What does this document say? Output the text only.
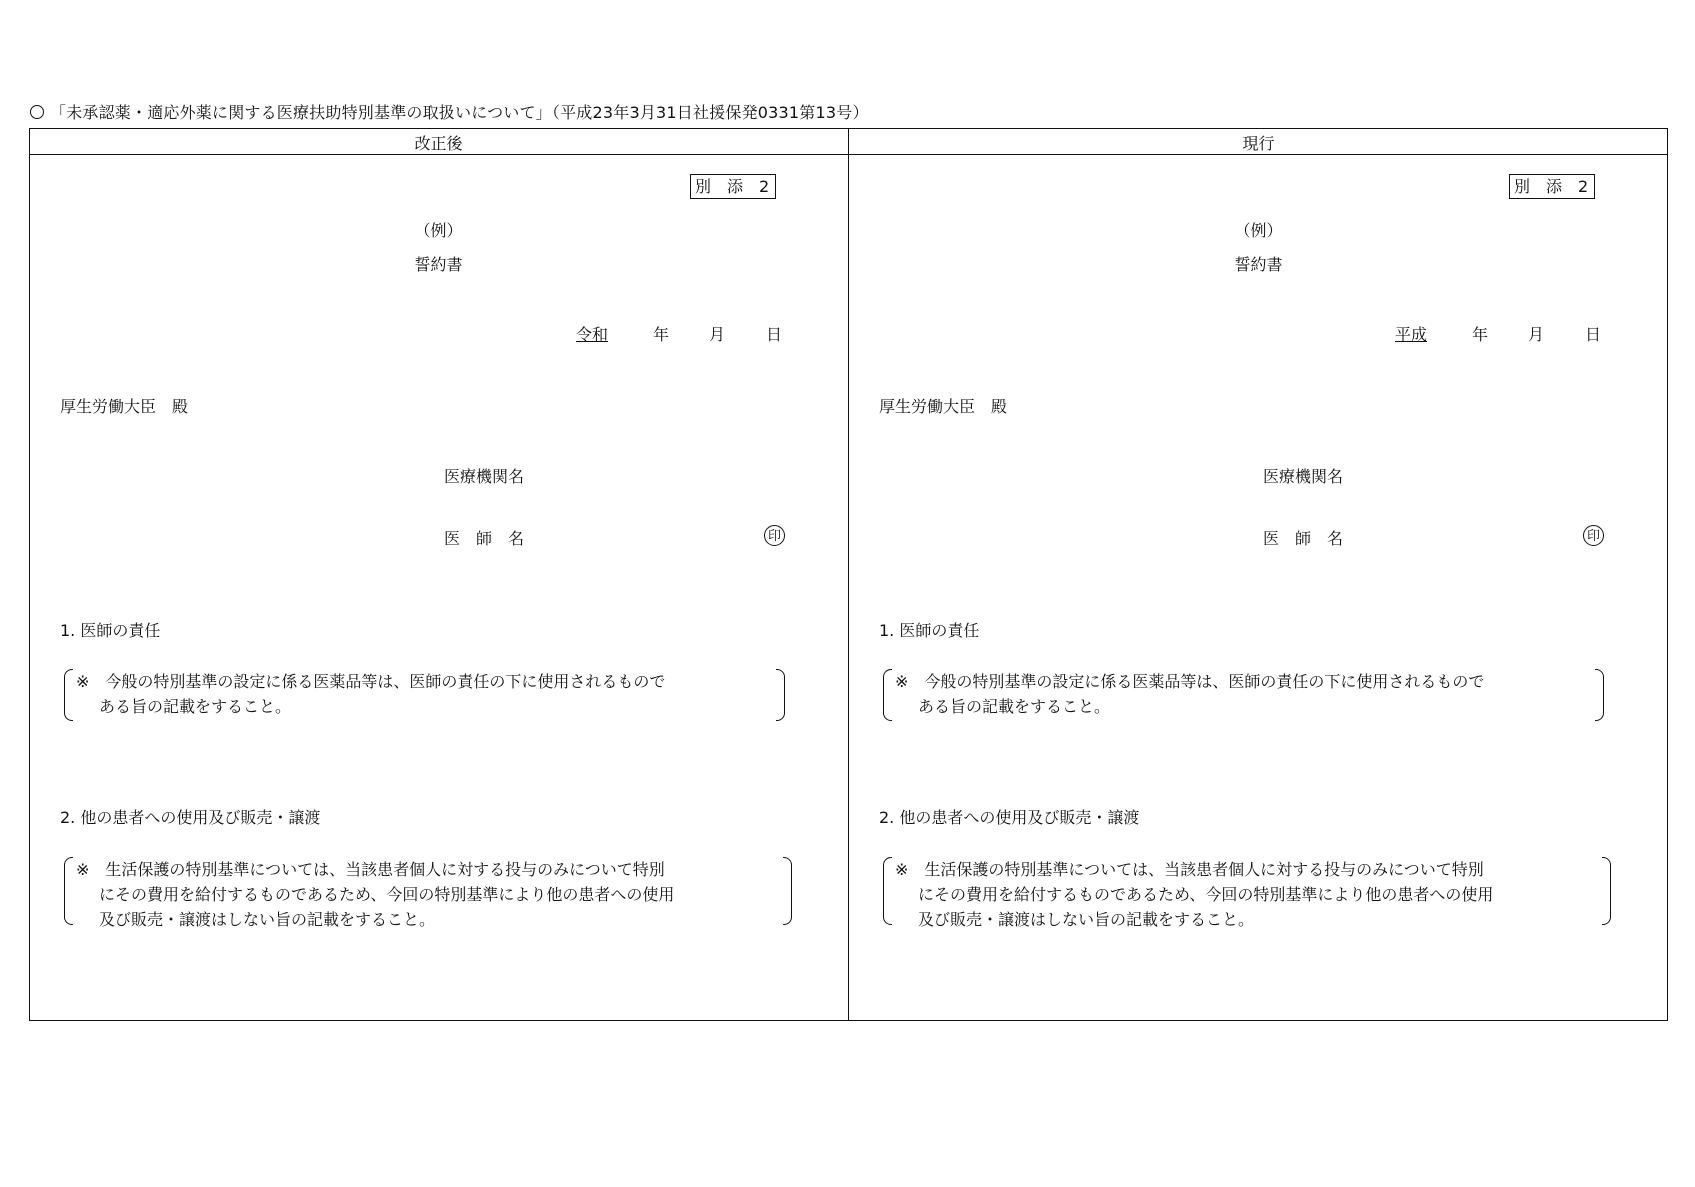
「未承認薬・適応外薬に関する医療扶助特別基準の取扱いについて」（平成23年3月31日社援保発0331第13号）
改正後	現行
別　添　2
（例）
誓約書
令和	年 月	日
厚生労働大臣　殿
医療機関名
医　師　名	印
1. 医師の責任
※　今般の特別基準の設定に係る医薬品等は、医師の責任の下に使用されるもので
ある旨の記載をすること。
2. 他の患者への使用及び販売・譲渡
※　生活保護の特別基準については、当該患者個人に対する投与のみについて特別
にその費用を給付するものであるため、今回の特別基準により他の患者への使用
及び販売・譲渡はしない旨の記載をすること。
別　添　2
（例）
誓約書
平成	年 月	日
厚生労働大臣　殿
医療機関名
医　師　名	印
1. 医師の責任
※　今般の特別基準の設定に係る医薬品等は、医師の責任の下に使用されるもので
ある旨の記載をすること。
2. 他の患者への使用及び販売・譲渡
※　生活保護の特別基準については、当該患者個人に対する投与のみについて特別
にその費用を給付するものであるため、今回の特別基準により他の患者への使用
及び販売・譲渡はしない旨の記載をすること。
